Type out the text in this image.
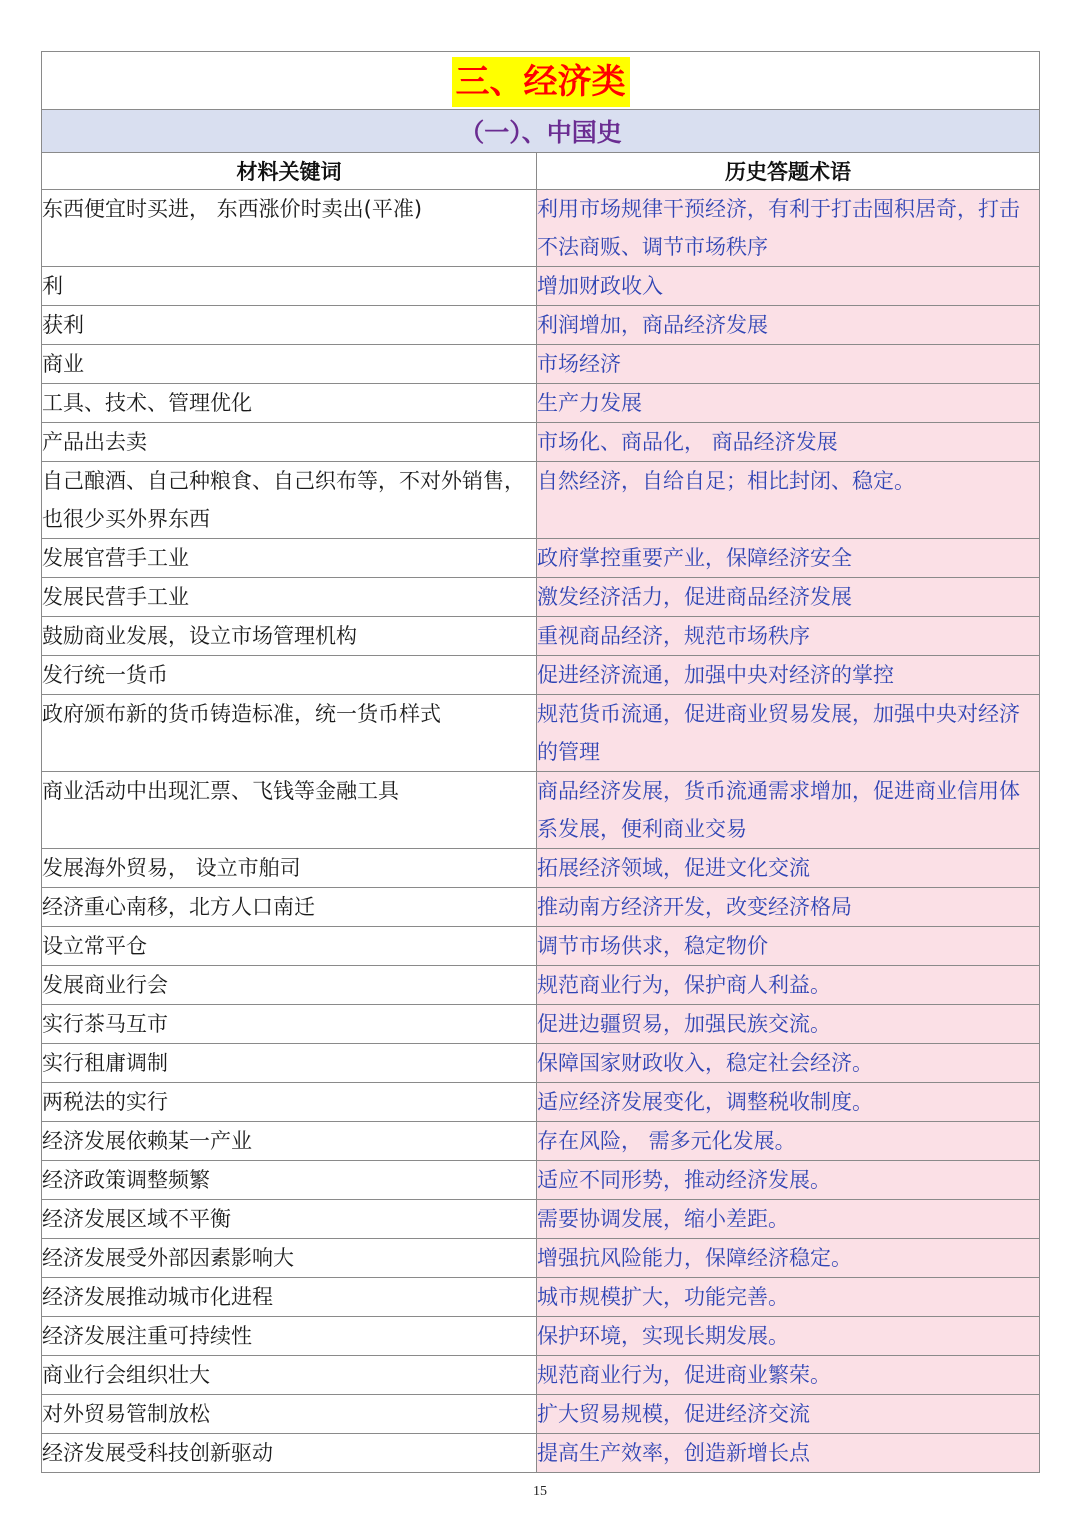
三、经济类	
（一）、中国史	
材料关键词	历史答题术语
东西便宜时买进， 东西涨价时卖出(平准)	利用市场规律干预经济，有利于打击囤积居奇，打击不法商贩、调节市场秩序
利	增加财政收入
获利	利润增加，商品经济发展
商业	市场经济
工具、技术、管理优化	生产力发展
产品出去卖	市场化、商品化， 商品经济发展
自己酿酒、自己种粮食、自己织布等，不对外销售，也很少买外界东西	自然经济，自给自足；相比封闭、稳定。
发展官营手工业	政府掌控重要产业，保障经济安全
发展民营手工业	激发经济活力，促进商品经济发展
鼓励商业发展，设立市场管理机构	重视商品经济，规范市场秩序
发行统一货币	促进经济流通，加强中央对经济的掌控
政府颁布新的货币铸造标准，统一货币样式	规范货币流通，促进商业贸易发展，加强中央对经济的管理
商业活动中出现汇票、飞钱等金融工具	商品经济发展，货币流通需求增加，促进商业信用体系发展，便利商业交易
发展海外贸易， 设立市舶司	拓展经济领域，促进文化交流
经济重心南移，北方人口南迁	推动南方经济开发，改变经济格局
设立常平仓	调节市场供求，稳定物价
发展商业行会	规范商业行为，保护商人利益。
实行茶马互市	促进边疆贸易，加强民族交流。
实行租庸调制	保障国家财政收入，稳定社会经济。
两税法的实行	适应经济发展变化，调整税收制度。
经济发展依赖某一产业	存在风险， 需多元化发展。
经济政策调整频繁	适应不同形势，推动经济发展。
经济发展区域不平衡	需要协调发展，缩小差距。
经济发展受外部因素影响大	增强抗风险能力，保障经济稳定。
经济发展推动城市化进程	城市规模扩大，功能完善。
经济发展注重可持续性	保护环境，实现长期发展。
商业行会组织壮大	规范商业行为，促进商业繁荣。
对外贸易管制放松	扩大贸易规模，促进经济交流
经济发展受科技创新驱动	提高生产效率，创造新增长点
15
